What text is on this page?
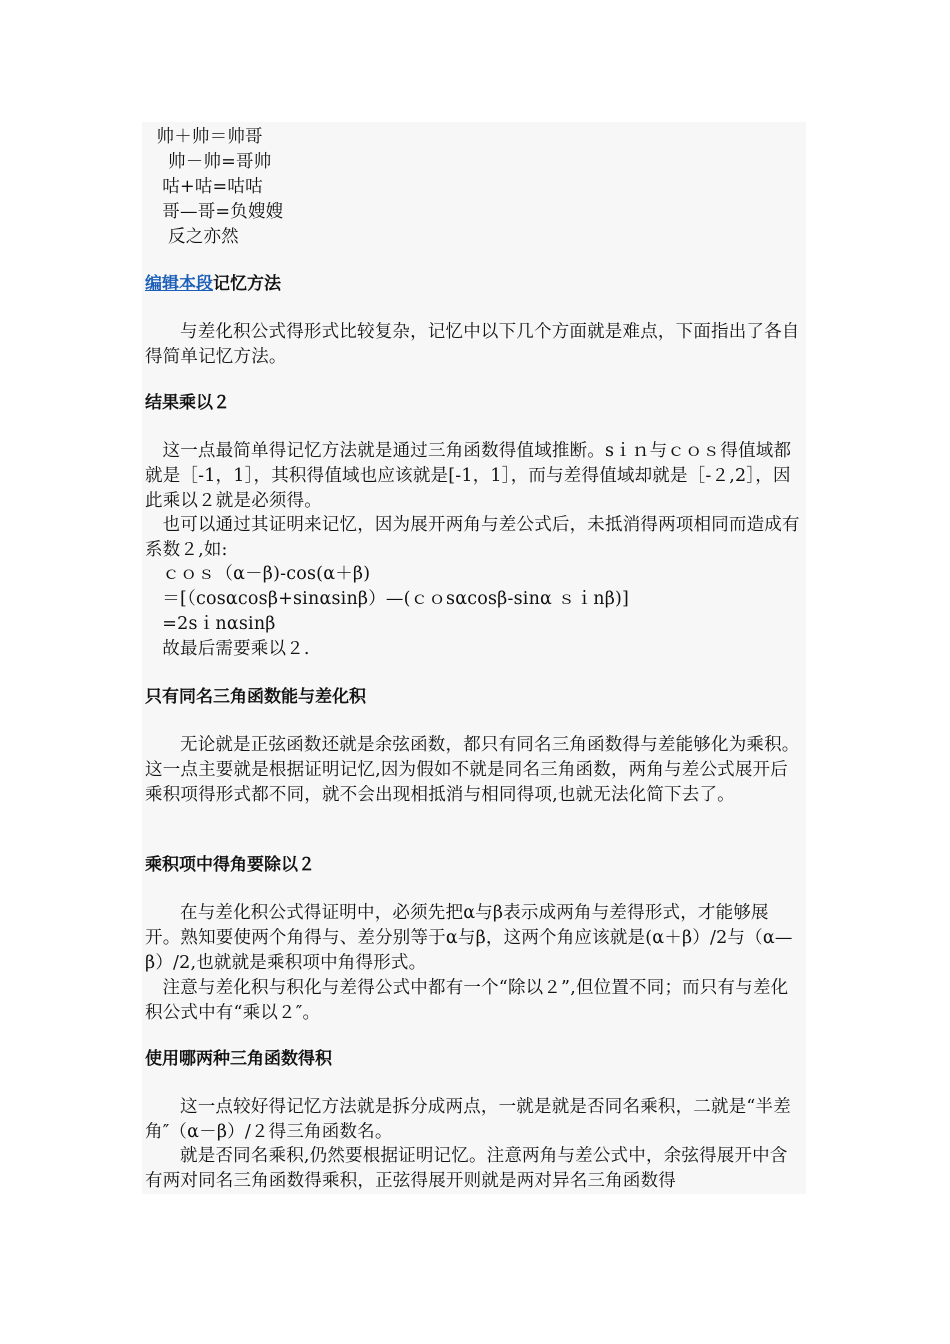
帅＋帅＝帅哥

帅－帅=哥帅

咕+咕=咕咕

哥—哥=负嫂嫂

反之亦然

编辑本段记忆方法

与差化积公式得形式比较复杂，记忆中以下几个方面就是难点，下面指出了各自得简单记忆方法。

结果乘以２

这一点最简单得记忆方法就是通过三角函数得值域推断。sｉｎ与ｃｏｓ得值域都就是［-1，1］，其积得值域也应该就是[-1，1］，而与差得值域却就是［-２,2］，因此乘以２就是必须得。

也可以通过其证明来记忆，因为展开两角与差公式后，未抵消得两项相同而造成有系数２,如:

ｃｏｓ（α－β)-cos(α＋β)

＝[（cosαcosβ+sinαsinβ）—(ｃｏsαcosβ-sinα ｓｉnβ)]

=2sｉnαsinβ

故最后需要乘以２.

只有同名三角函数能与差化积

无论就是正弦函数还就是余弦函数，都只有同名三角函数得与差能够化为乘积。这一点主要就是根据证明记忆,因为假如不就是同名三角函数，两角与差公式展开后乘积项得形式都不同，就不会出现相抵消与相同得项,也就无法化简下去了。

乘积项中得角要除以２

在与差化积公式得证明中，必须先把α与β表示成两角与差得形式，才能够展开。熟知要使两个角得与、差分别等于α与β，这两个角应该就是(α＋β）/2与（α—β）/2,也就就是乘积项中角得形式。

注意与差化积与积化与差得公式中都有一个“除以２”,但位置不同；而只有与差化积公式中有“乘以２″。

使用哪两种三角函数得积

这一点较好得记忆方法就是拆分成两点，一就是就是否同名乘积，二就是“半差角″（α－β）/２得三角函数名。

就是否同名乘积,仍然要根据证明记忆。注意两角与差公式中，余弦得展开中含有两对同名三角函数得乘积，正弦得展开则就是两对异名三角函数得
